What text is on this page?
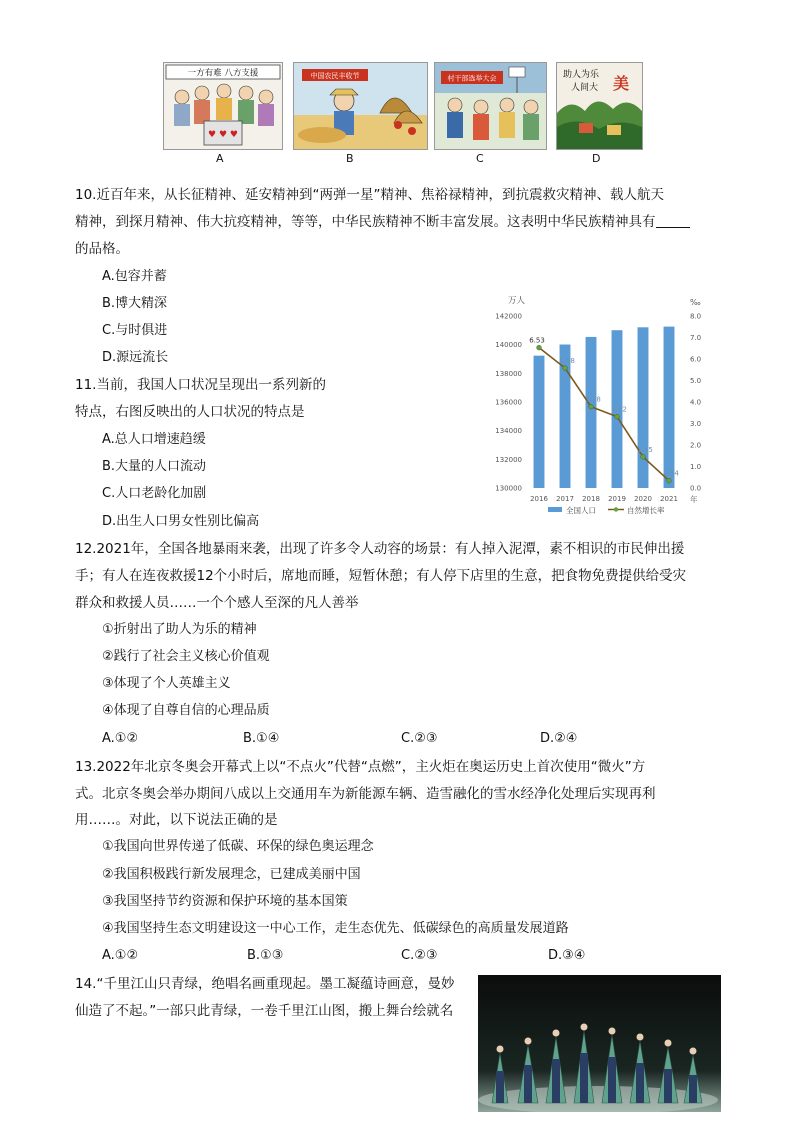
一方有难 八方支援
♥ ♥ ♥
A
中国农民丰收节
B
村干部选举大会
C
助人为乐
人间大 美
D
10.近百年来，从长征精神、延安精神到“两弹一星”精神、焦裕禄精神，到抗震救灾精神、载人航天
精神，到探月精神、伟大抗疫精神，等等，中华民族精神不断丰富发展。这表明中华民族精神具有
的品格。
A.包容并蓄
B.博大精深
C.与时俱进
D.源远流长
11.当前，我国人口状况呈现出一系列新的
特点，右图反映出的人口状况的特点是
A.总人口增速趋缓
B.大量的人口流动
C.人口老龄化加剧
D.出生人口男女性别比偏高
万人	‰
142000
140000
138000
136000
134000
132000
130000
8.0
7.0
6.0
5.0
4.0
3.0
2.0
1.0
0.0
2016 2017 2018 2019 2020 2021
6.53
5.58
3.78
3.32
1.45
0.34
年
全国人口	自然增长率
12.2021年，全国各地暴雨来袭，出现了许多令人动容的场景：有人掉入泥潭，素不相识的市民伸出援
手；有人在连夜救援12个小时后，席地而睡，短暂休憩；有人停下店里的生意，把食物免费提供给受灾
群众和救援人员……一个个感人至深的凡人善举
①折射出了助人为乐的精神
②践行了社会主义核心价值观
③体现了个人英雄主义
④体现了自尊自信的心理品质
A.①②	B.①④	C.②③	D.②④
13.2022年北京冬奥会开幕式上以“不点火”代替“点燃”，主火炬在奥运历史上首次使用“微火”方
式。北京冬奥会举办期间八成以上交通用车为新能源车辆、造雪融化的雪水经净化处理后实现再利
用……。对此，以下说法正确的是
①我国向世界传递了低碳、环保的绿色奥运理念
②我国积极践行新发展理念，已建成美丽中国
③我国坚持节约资源和保护环境的基本国策
④我国坚持生态文明建设这一中心工作，走生态优先、低碳绿色的高质量发展道路
A.①②	B.①③	C.②③	D.③④
14.“千里江山只青绿，绝唱名画重现起。墨工凝蕴诗画意，曼妙
仙造了不起。”一部只此青绿，一卷千里江山图，搬上舞台绘就名
